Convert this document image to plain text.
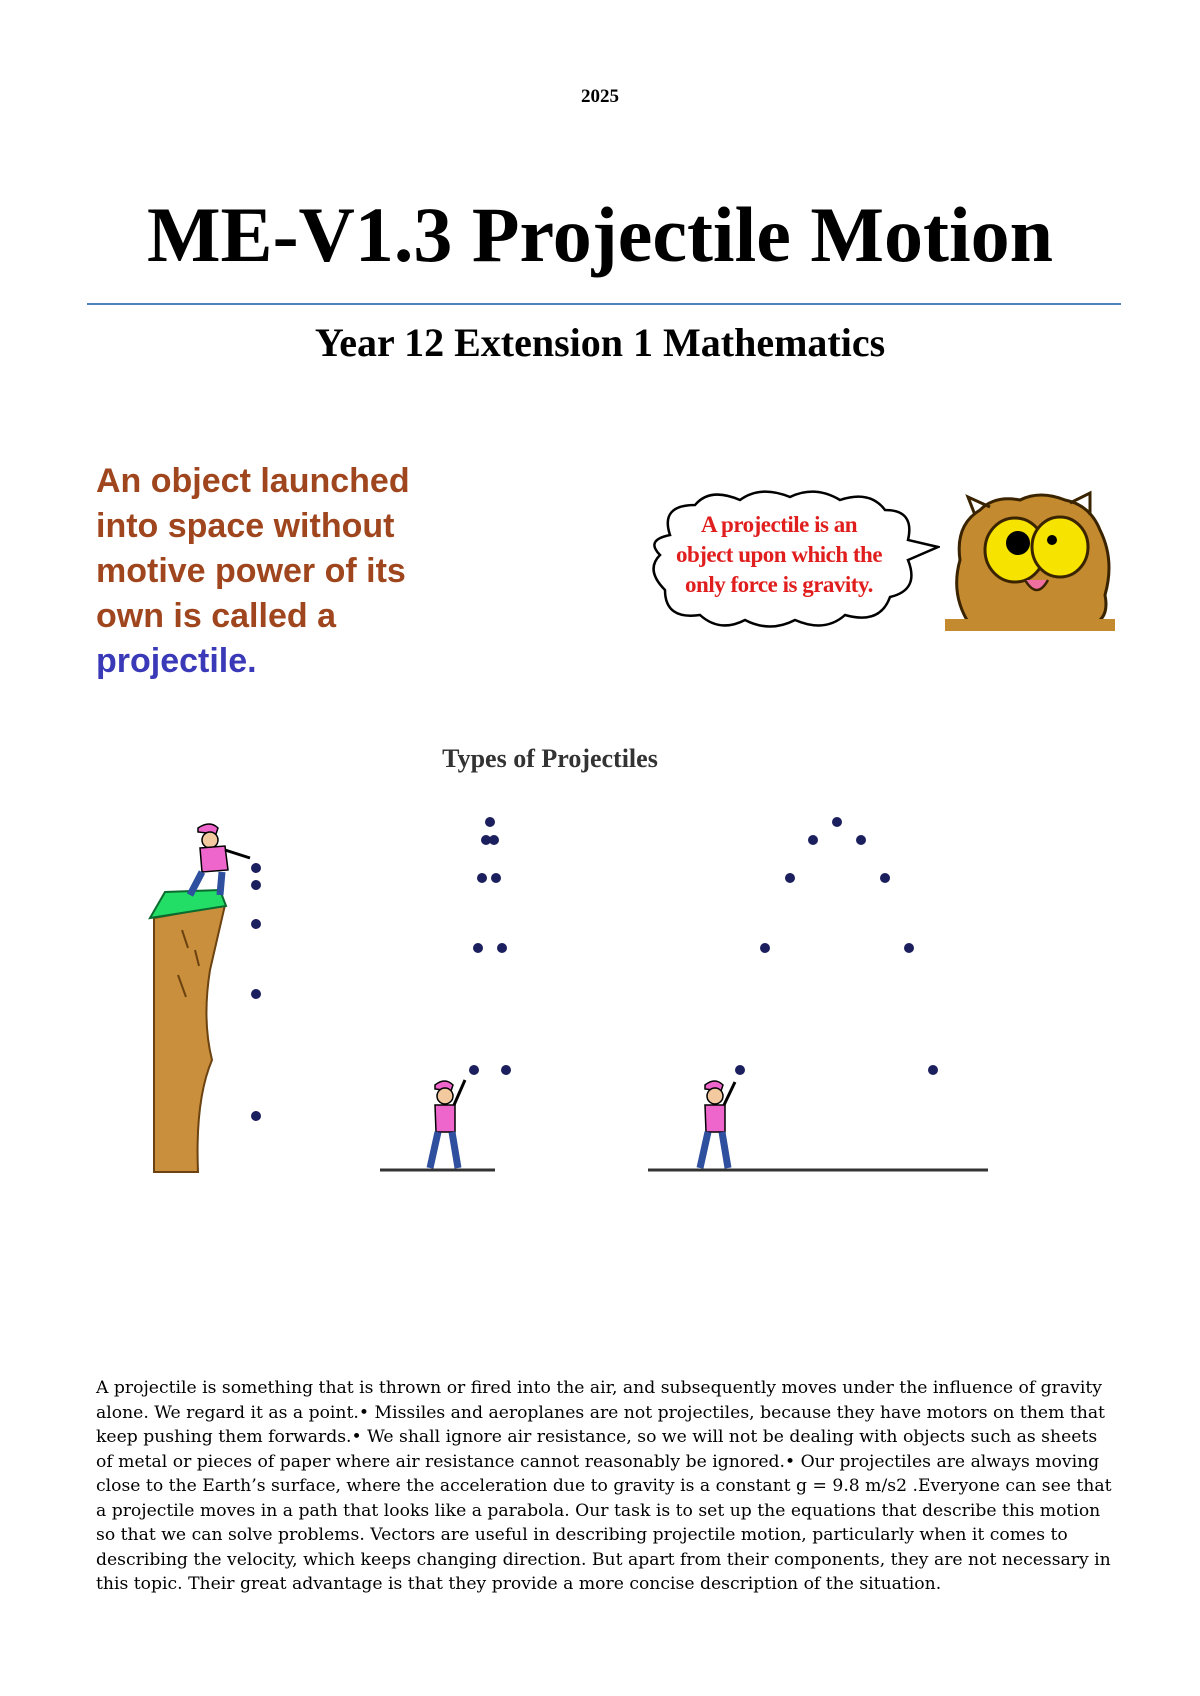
2025
ME-V1.3 Projectile Motion
Year 12 Extension 1 Mathematics
An object launched
into space without
motive power of its
own is called a
projectile.
A projectile is an
object upon which the
only force is gravity.
Types of Projectiles
A projectile is something that is thrown or fired into the air, and subsequently moves under the influence of gravity alone. We regard it as a point.• Missiles and aeroplanes are not projectiles, because they have motors on them that keep pushing them forwards.• We shall ignore air resistance, so we will not be dealing with objects such as sheets of metal or pieces of paper where air resistance cannot reasonably be ignored.• Our projectiles are always moving close to the Earth’s surface, where the acceleration due to gravity is a constant g = 9.8 m/s2 .Everyone can see that a projectile moves in a path that looks like a parabola. Our task is to set up the equations that describe this motion so that we can solve problems. Vectors are useful in describing projectile motion, particularly when it comes to describing the velocity, which keeps changing direction. But apart from their components, they are not necessary in this topic. Their great advantage is that they provide a more concise description of the situation.
